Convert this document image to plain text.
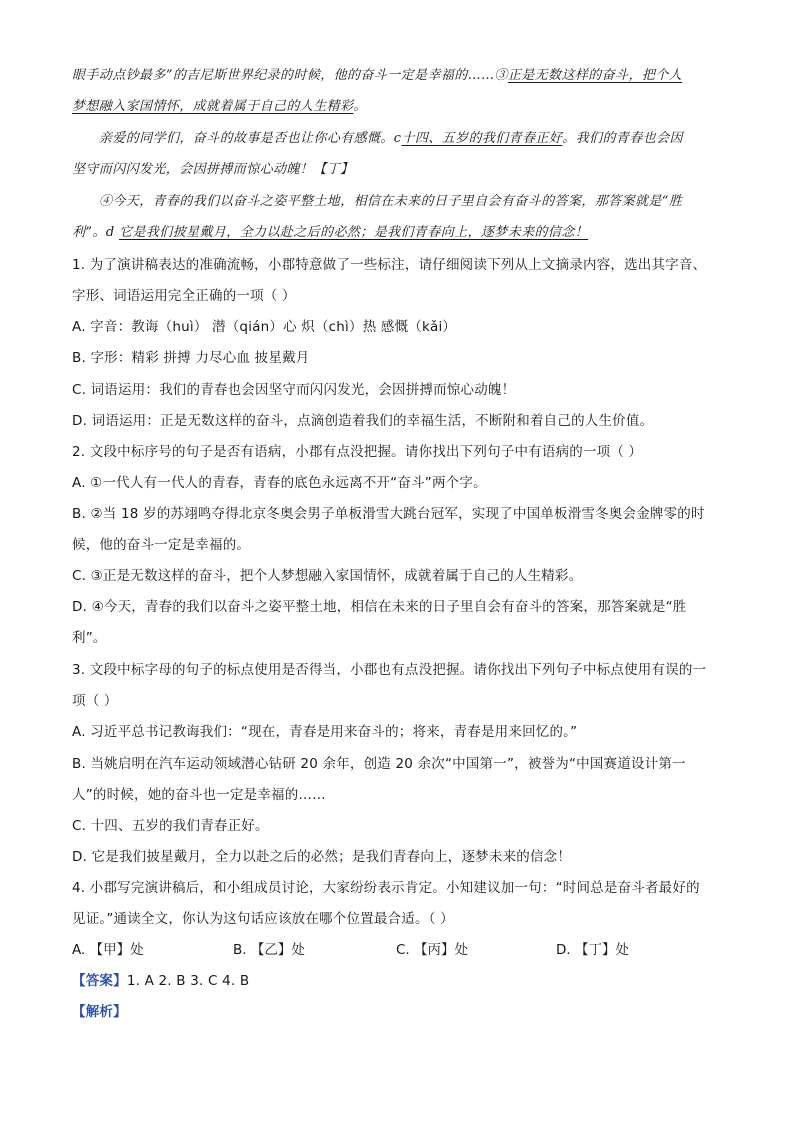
眼手动点钞最多”的吉尼斯世界纪录的时候，他的奋斗一定是幸福的……③正是无数这样的奋斗，把个人
梦想融入家国情怀，成就着属于自己的人生精彩。
亲爱的同学们，奋斗的故事是否也让你心有感慨。c十四、五岁的我们青春正好。我们的青春也会因
坚守而闪闪发光，会因拼搏而惊心动魄！【丁】
④今天，青春的我们以奋斗之姿平整土地，相信在未来的日子里自会有奋斗的答案，那答案就是“胜
利”。d 它是我们披星戴月，全力以赴之后的必然；是我们青春向上，逐梦未来的信念！
1. 为了演讲稿表达的准确流畅，小郡特意做了一些标注，请仔细阅读下列从上文摘录内容，选出其字音、
字形、词语运用完全正确的一项（ ）
A. 字音：教诲（huì） 潜（qián）心 炽（chì）热 感慨（kǎi）
B. 字形：精彩 拼搏 力尽心血 披星戴月
C. 词语运用：我们的青春也会因坚守而闪闪发光，会因拼搏而惊心动魄！
D. 词语运用：正是无数这样的奋斗，点滴创造着我们的幸福生活，不断附和着自己的人生价值。
2. 文段中标序号的句子是否有语病，小郡有点没把握。请你找出下列句子中有语病的一项（ ）
A. ①一代人有一代人的青春，青春的底色永远离不开“奋斗”两个字。
B. ②当 18 岁的苏翊鸣夺得北京冬奥会男子单板滑雪大跳台冠军，实现了中国单板滑雪冬奥会金牌零的时
候，他的奋斗一定是幸福的。
C. ③正是无数这样的奋斗，把个人梦想融入家国情怀，成就着属于自己的人生精彩。
D. ④今天，青春的我们以奋斗之姿平整土地，相信在未来的日子里自会有奋斗的答案，那答案就是“胜
利”。
3. 文段中标字母的句子的标点使用是否得当，小郡也有点没把握。请你找出下列句子中标点使用有误的一
项（ ）
A. 习近平总书记教诲我们：“现在，青春是用来奋斗的；将来，青春是用来回忆的。”
B. 当姚启明在汽车运动领域潜心钻研 20 余年，创造 20 余次“中国第一”，被誉为“中国赛道设计第一
人”的时候，她的奋斗也一定是幸福的……
C. 十四、五岁的我们青春正好。
D. 它是我们披星戴月，全力以赴之后的必然；是我们青春向上，逐梦未来的信念！
4. 小郡写完演讲稿后，和小组成员讨论，大家纷纷表示肯定。小知建议加一句：“时间总是奋斗者最好的
见证。”通读全文，你认为这句话应该放在哪个位置最合适。（ ）
A. 【甲】处	B. 【乙】处	C. 【丙】处	D. 【丁】处
【答案】1. A 2. B 3. C 4. B
【解析】
